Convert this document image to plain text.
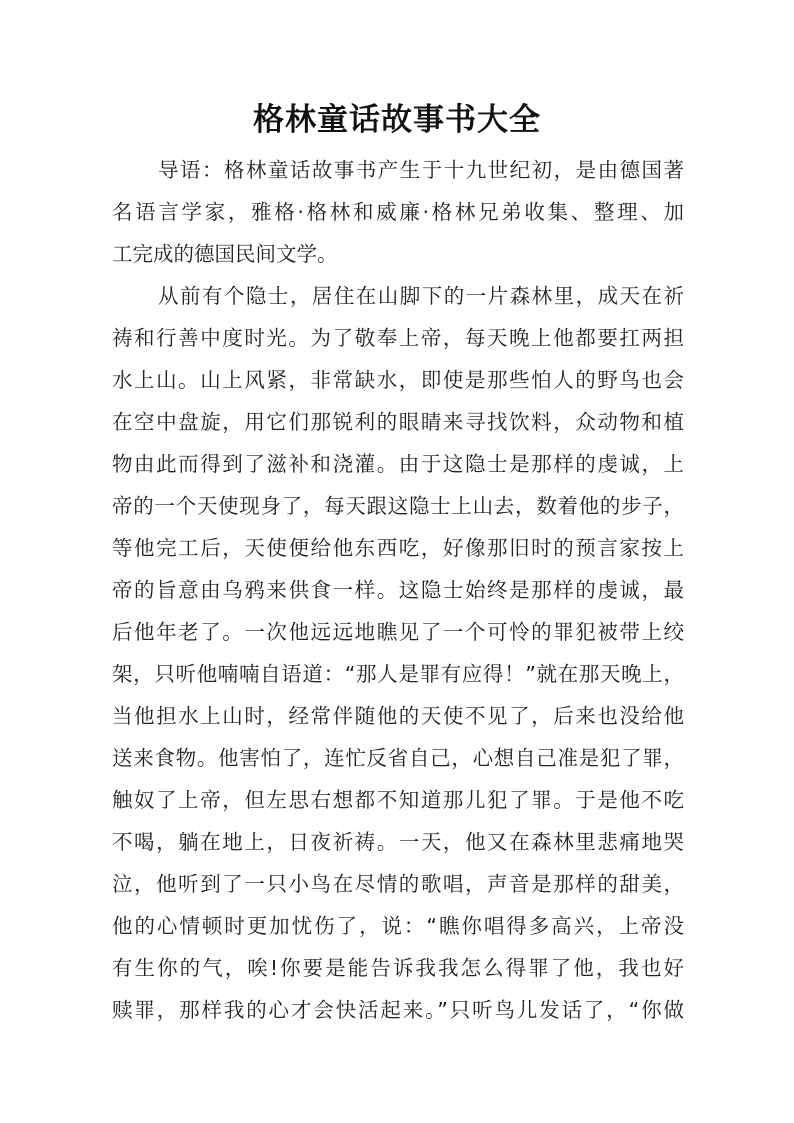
格林童话故事书大全
导语：格林童话故事书产生于十九世纪初，是由德国著
名语言学家，雅格·格林和威廉·格林兄弟收集、整理、加
工完成的德国民间文学。
从前有个隐士，居住在山脚下的一片森林里，成天在祈
祷和行善中度时光。为了敬奉上帝，每天晚上他都要扛两担
水上山。山上风紧，非常缺水，即使是那些怕人的野鸟也会
在空中盘旋，用它们那锐利的眼睛来寻找饮料，众动物和植
物由此而得到了滋补和浇灌。由于这隐士是那样的虔诚，上
帝的一个天使现身了，每天跟这隐士上山去，数着他的步子，
等他完工后，天使便给他东西吃，好像那旧时的预言家按上
帝的旨意由乌鸦来供食一样。这隐士始终是那样的虔诚，最
后他年老了。一次他远远地瞧见了一个可怜的罪犯被带上绞
架，只听他喃喃自语道：“那人是罪有应得！”就在那天晚上，
当他担水上山时，经常伴随他的天使不见了，后来也没给他
送来食物。他害怕了，连忙反省自己，心想自己准是犯了罪，
触奴了上帝，但左思右想都不知道那儿犯了罪。于是他不吃
不喝，躺在地上，日夜祈祷。一天，他又在森林里悲痛地哭
泣，他听到了一只小鸟在尽情的歌唱，声音是那样的甜美，
他的心情顿时更加忧伤了，说：“瞧你唱得多高兴，上帝没
有生你的气，唉!你要是能告诉我我怎么得罪了他，我也好
赎罪，那样我的心才会快活起来。”只听鸟儿发话了，“你做
